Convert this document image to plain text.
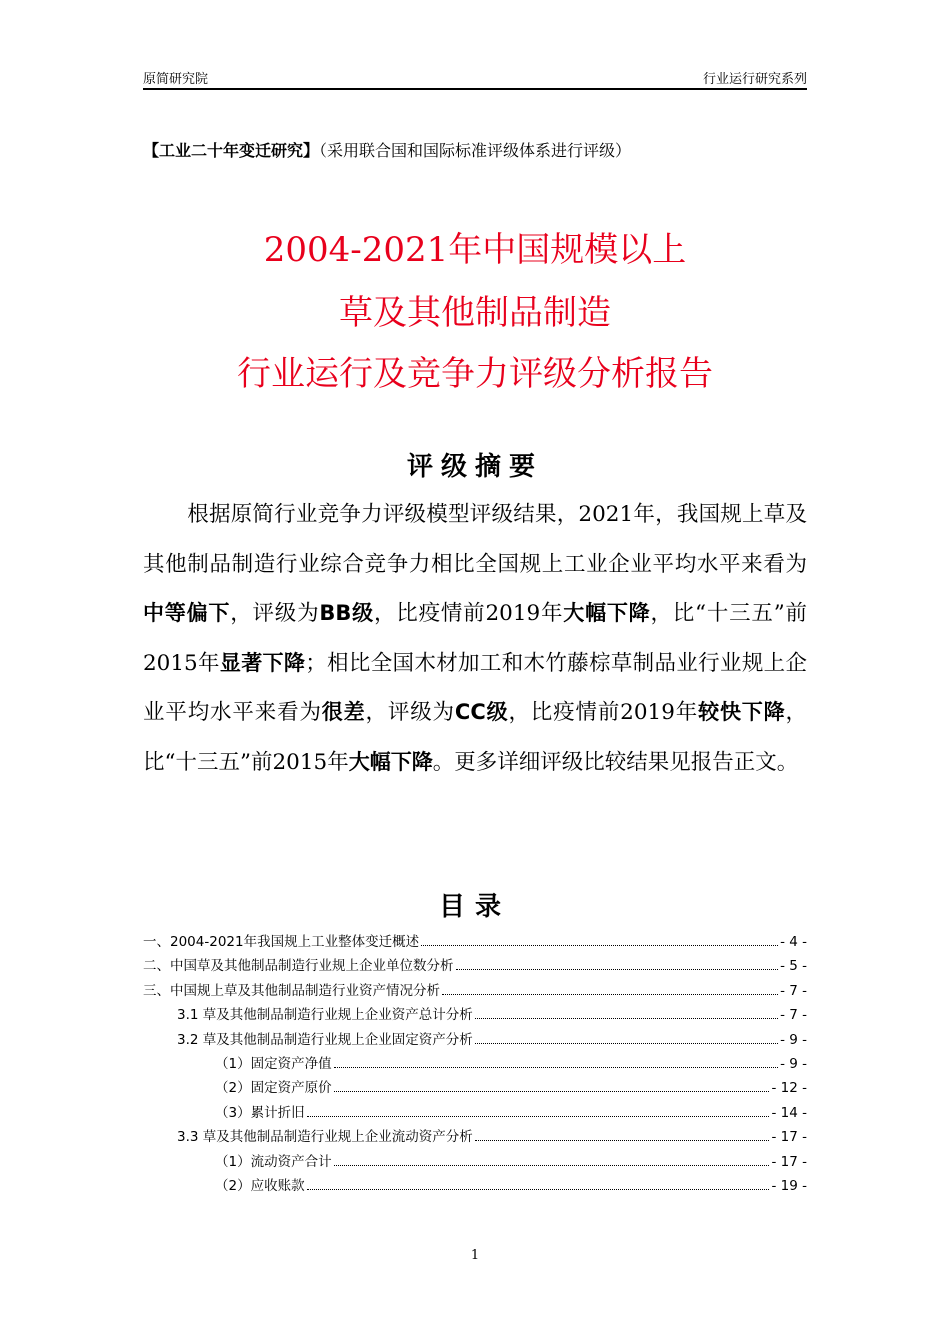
原简研究院	行业运行研究系列
【工业二十年变迁研究】（采用联合国和国际标准评级体系进行评级）
2004-2021年中国规模以上
草及其他制品制造
行业运行及竞争力评级分析报告
评级摘要
根据原简行业竞争力评级模型评级结果，2021年，我国规上草及其他制品制造行业综合竞争力相比全国规上工业企业平均水平来看为中等偏下，评级为BB级，比疫情前2019年大幅下降，比“十三五”前2015年显著下降；相比全国木材加工和木竹藤棕草制品业行业规上企业平均水平来看为很差，评级为CC级，比疫情前2019年较快下降，比“十三五”前2015年大幅下降。更多详细评级比较结果见报告正文。
目录
一、2004-2021年我国规上工业整体变迁概述	- 4 -
二、中国草及其他制品制造行业规上企业单位数分析	- 5 -
三、中国规上草及其他制品制造行业资产情况分析	- 7 -
3.1 草及其他制品制造行业规上企业资产总计分析	- 7 -
3.2 草及其他制品制造行业规上企业固定资产分析	- 9 -
（1）固定资产净值	- 9 -
（2）固定资产原价	- 12 -
（3）累计折旧	- 14 -
3.3 草及其他制品制造行业规上企业流动资产分析	- 17 -
（1）流动资产合计	- 17 -
（2）应收账款	- 19 -
1
